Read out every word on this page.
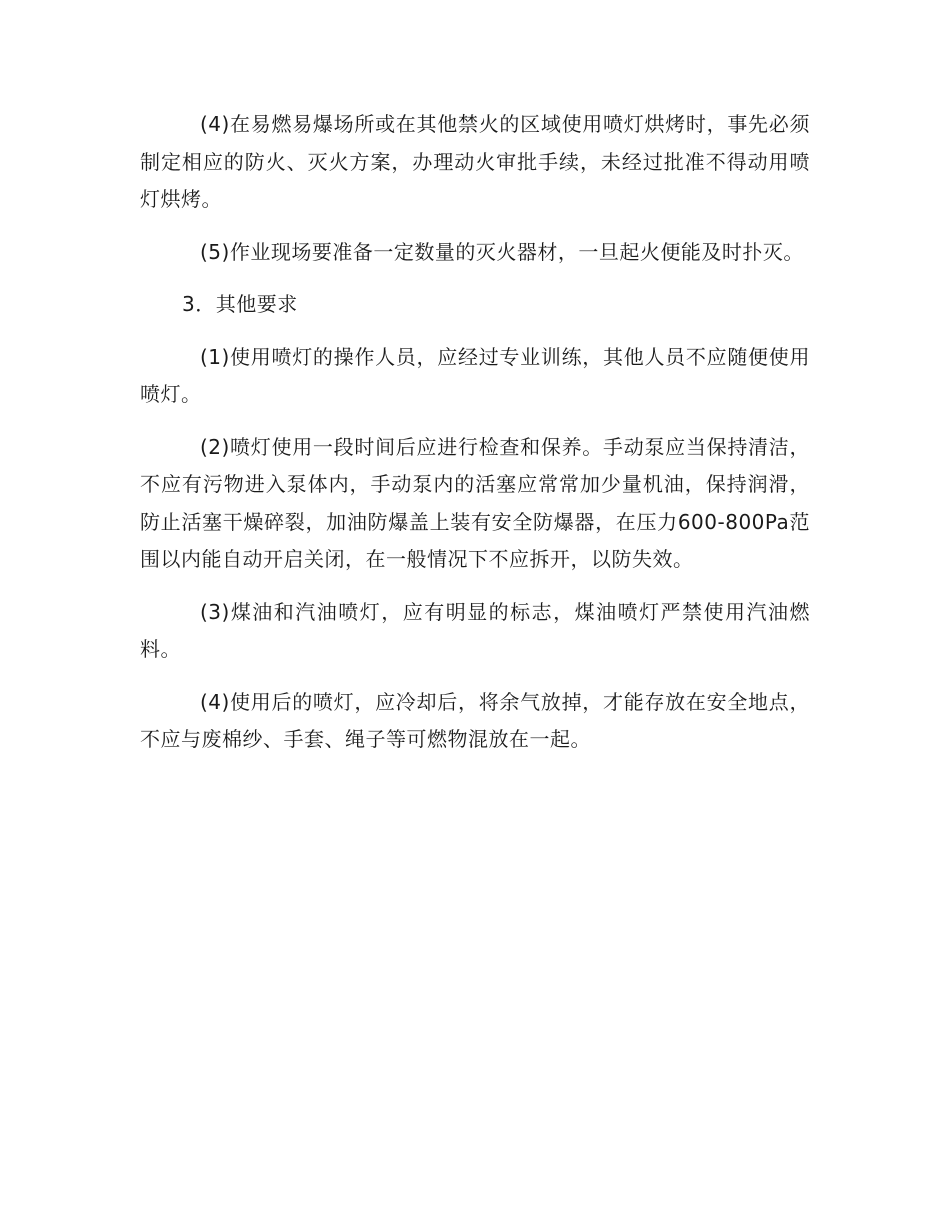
(4)在易燃易爆场所或在其他禁火的区域使用喷灯烘烤时，事先必须制定相应的防火、灭火方案，办理动火审批手续，未经过批准不得动用喷灯烘烤。

(5)作业现场要准备一定数量的灭火器材，一旦起火便能及时扑灭。

3．其他要求

(1)使用喷灯的操作人员，应经过专业训练，其他人员不应随便使用喷灯。

(2)喷灯使用一段时间后应进行检查和保养。手动泵应当保持清洁，不应有污物进入泵体内，手动泵内的活塞应常常加少量机油，保持润滑，防止活塞干燥碎裂，加油防爆盖上装有安全防爆器，在压力600-800Pa范围以内能自动开启关闭，在一般情况下不应拆开，以防失效。

(3)煤油和汽油喷灯，应有明显的标志，煤油喷灯严禁使用汽油燃料。

(4)使用后的喷灯，应冷却后，将余气放掉，才能存放在安全地点，不应与废棉纱、手套、绳子等可燃物混放在一起。
